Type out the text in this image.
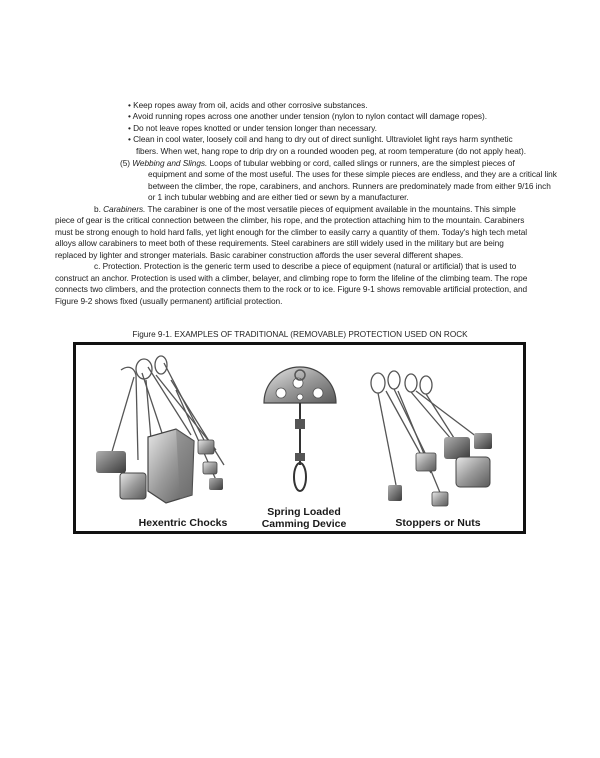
• Keep ropes away from oil, acids and other corrosive substances.
• Avoid running ropes across one another under tension (nylon to nylon contact will damage ropes).
• Do not leave ropes knotted or under tension longer than necessary.
• Clean in cool water, loosely coil and hang to dry out of direct sunlight. Ultraviolet light rays harm synthetic
fibers. When wet, hang rope to drip dry on a rounded wooden peg, at room temperature (do not apply heat).
(5) Webbing and Slings. Loops of tubular webbing or cord, called slings or runners, are the simplest pieces of
equipment and some of the most useful. The uses for these simple pieces are endless, and they are a critical link
between the climber, the rope, carabiners, and anchors. Runners are predominately made from either 9/16 inch
or 1 inch tubular webbing and are either tied or sewn by a manufacturer.
b. Carabiners. The carabiner is one of the most versatile pieces of equipment available in the mountains. This simple
piece of gear is the critical connection between the climber, his rope, and the protection attaching him to the mountain. Carabiners
must be strong enough to hold hard falls, yet light enough for the climber to easily carry a quantity of them. Today's high tech metal
alloys allow carabiners to meet both of these requirements. Steel carabiners are still widely used in the military but are being
replaced by lighter and stronger materials. Basic carabiner construction affords the user several different shapes.
c. Protection. Protection is the generic term used to describe a piece of equipment (natural or artificial) that is used to
construct an anchor. Protection is used with a climber, belayer, and climbing rope to form the lifeline of the climbing team. The rope
connects two climbers, and the protection connects them to the rock or to ice. Figure 9-1 shows removable artificial protection, and
Figure 9-2 shows fixed (usually permanent) artificial protection.
Figure 9-1. EXAMPLES OF TRADITIONAL (REMOVABLE) PROTECTION USED ON ROCK
Hexentric Chocks
Spring Loaded
Camming Device	Stoppers or Nuts
